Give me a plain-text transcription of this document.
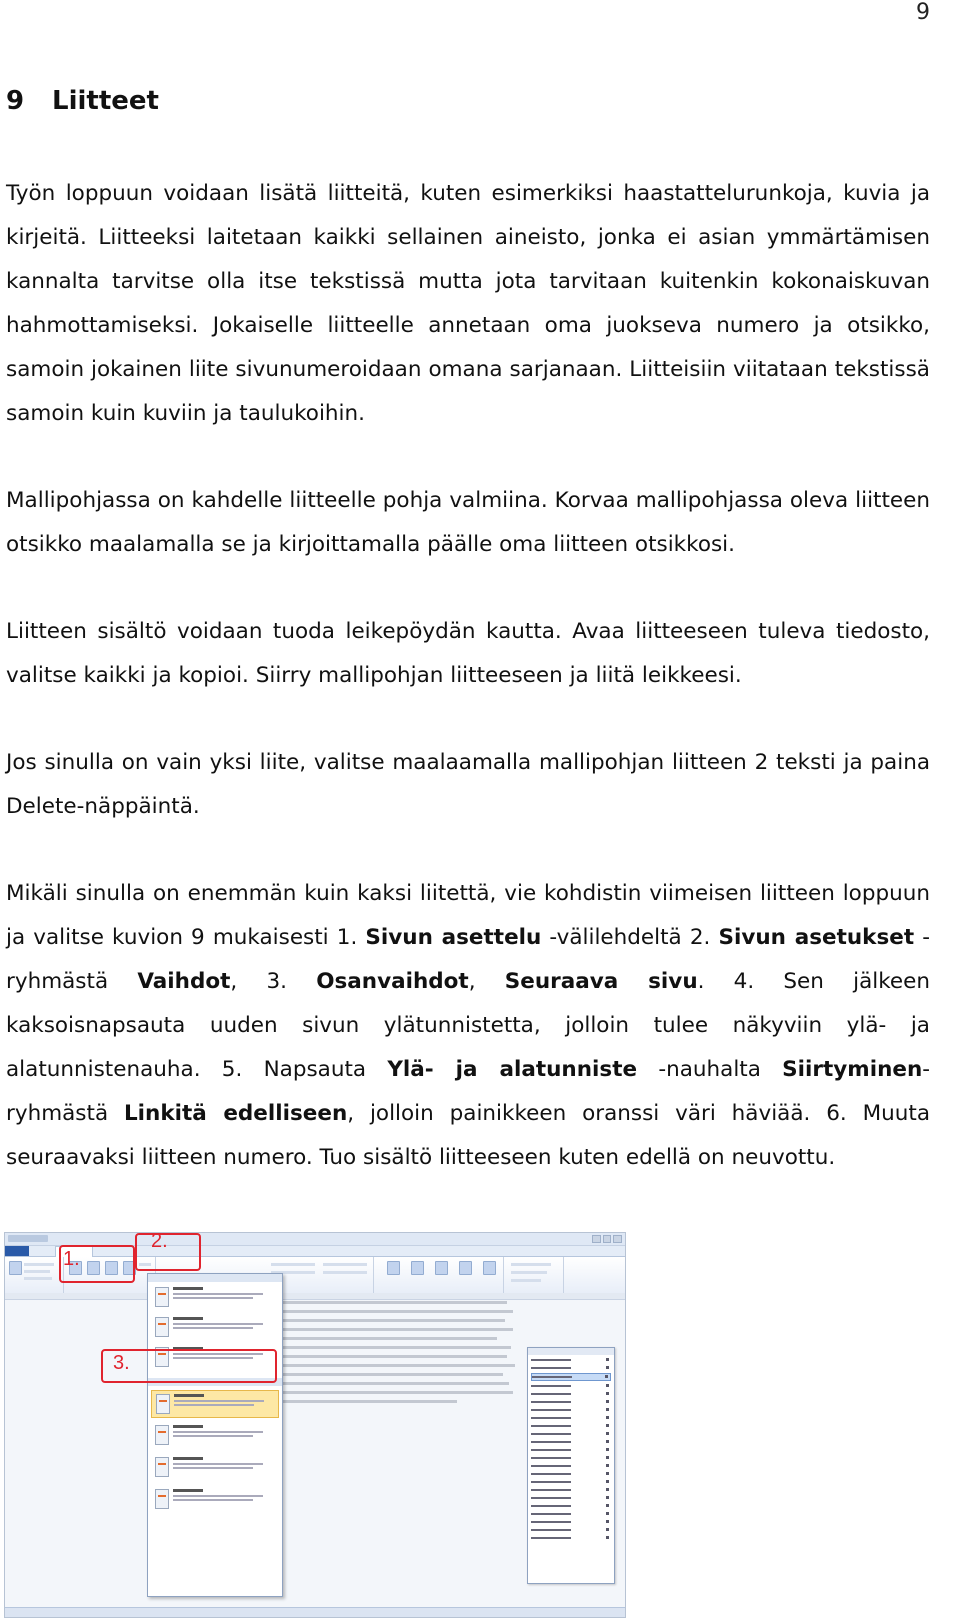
9
9 Liitteet

Työn loppuun voidaan lisätä liitteitä, kuten esimerkiksi haastattelurunkoja, kuvia ja kirjeitä. Liitteeksi laitetaan kaikki sellainen aineisto, jonka ei asian ymmärtämisen kannalta tarvitse olla itse tekstissä mutta jota tarvitaan kuitenkin kokonaiskuvan hahmottamiseksi. Jokaiselle liitteelle annetaan oma juokseva numero ja otsikko, samoin jokainen liite sivunumeroidaan omana sarjanaan. Liitteisiin viitataan tekstissä samoin kuin kuviin ja taulukoihin.

Mallipohjassa on kahdelle liitteelle pohja valmiina. Korvaa mallipohjassa oleva liitteen otsikko maalamalla se ja kirjoittamalla päälle oma liitteen otsikkosi.

Liitteen sisältö voidaan tuoda leikepöydän kautta. Avaa liitteeseen tuleva tiedosto, valitse kaikki ja kopioi. Siirry mallipohjan liitteeseen ja liitä leikkeesi.

Jos sinulla on vain yksi liite, valitse maalaamalla mallipohjan liitteen 2 teksti ja paina Delete-näppäintä.

Mikäli sinulla on enemmän kuin kaksi liitettä, vie kohdistin viimeisen liitteen loppuun ja valitse kuvion 9 mukaisesti 1. Sivun asettelu -välilehdeltä 2. Sivun asetukset -ryhmästä Vaihdot, 3. Osanvaihdot, Seuraava sivu. 4. Sen jälkeen kaksoisnapsauta uuden sivun ylätunnistetta, jolloin tulee näkyviin ylä- ja alatunnistenauha. 5. Napsauta Ylä- ja alatunniste -nauhalta Siirtyminen-ryhmästä Linkitä edelliseen, jolloin painikkeen oranssi väri häviää. 6. Muuta seuraavaksi liitteen numero. Tuo sisältö liitteeseen kuten edellä on neuvottu.

1.
2.
3.
